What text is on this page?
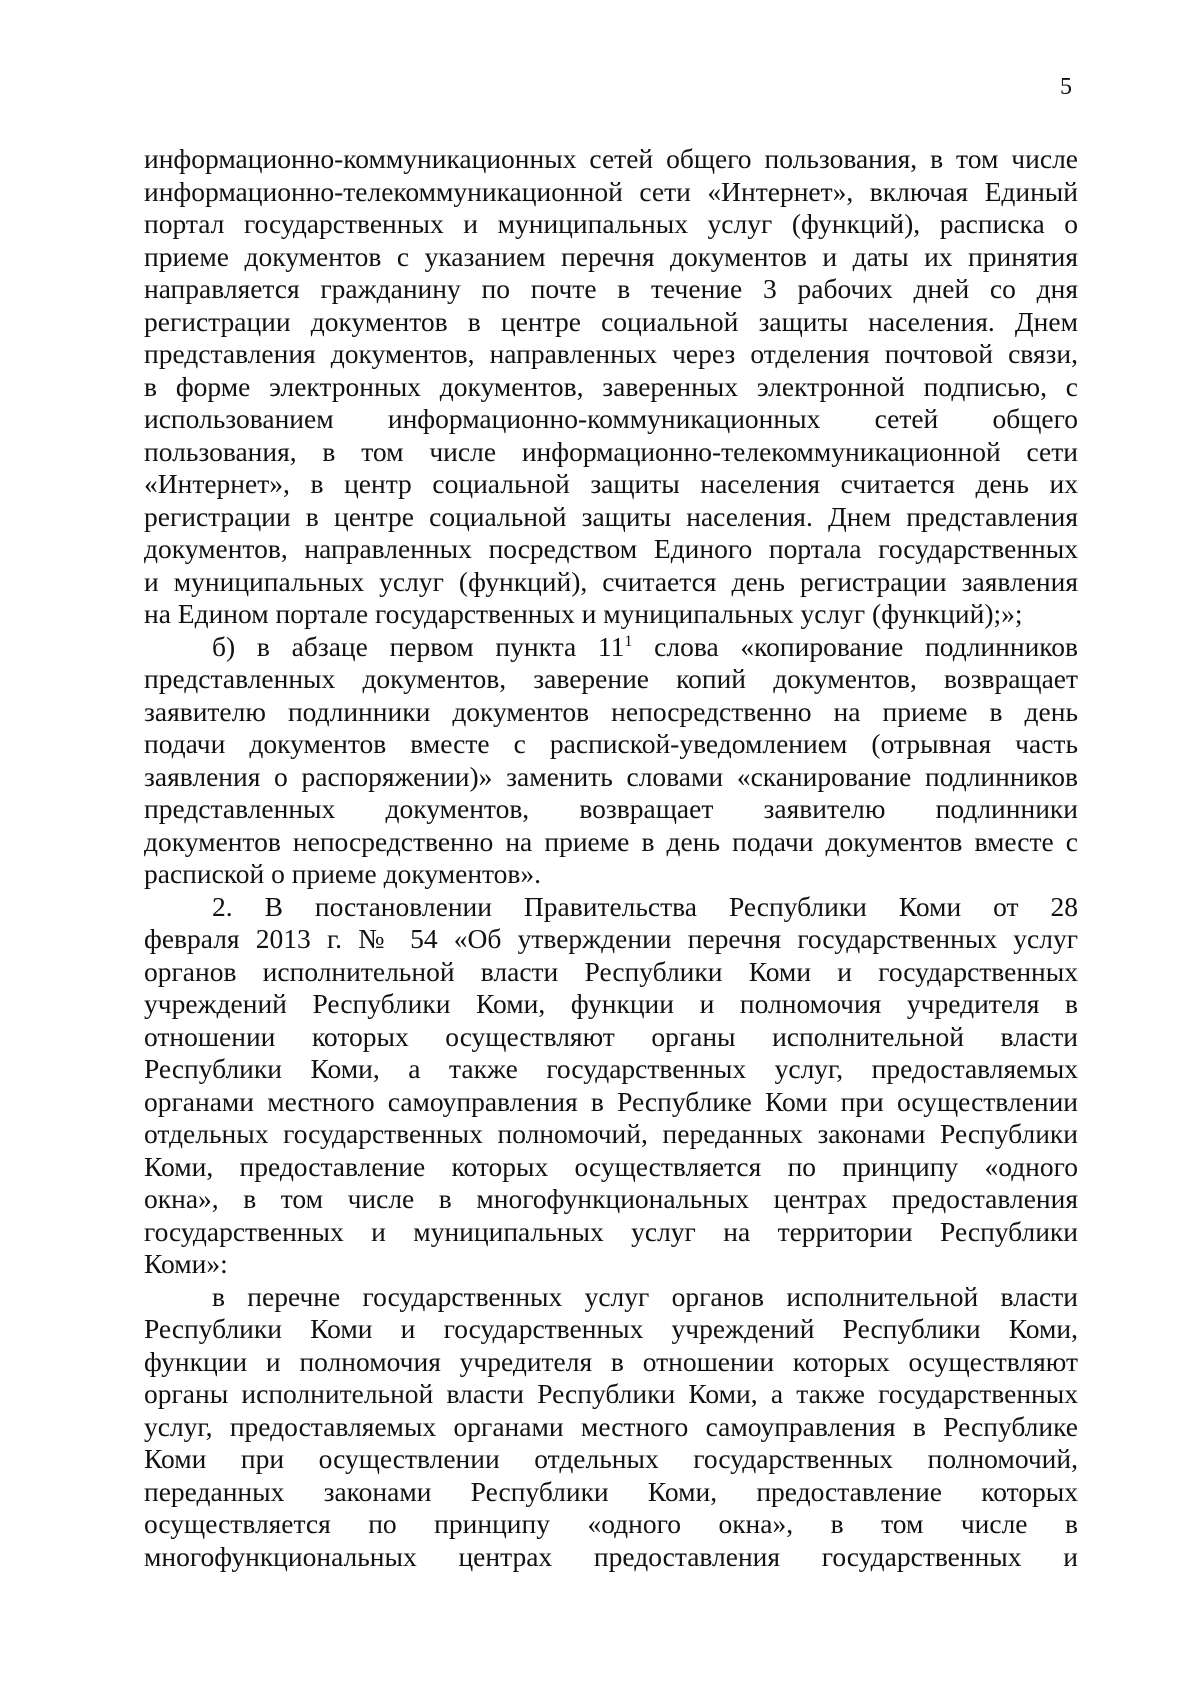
5
информационно-коммуникационных сетей общего пользования, в том числе
информационно-телекоммуникационной сети «Интернет», включая Единый
портал государственных и муниципальных услуг (функций), расписка о
приеме документов с указанием перечня документов и даты их принятия
направляется гражданину по почте в течение 3 рабочих дней со дня
регистрации документов в центре социальной защиты населения. Днем
представления документов, направленных через отделения почтовой связи,
в форме электронных документов, заверенных электронной подписью, с
использованием информационно-коммуникационных сетей общего
пользования, в том числе информационно-телекоммуникационной сети
«Интернет», в центр социальной защиты населения считается день их
регистрации в центре социальной защиты населения. Днем представления
документов, направленных посредством Единого портала государственных
и муниципальных услуг (функций), считается день регистрации заявления
на Едином портале государственных и муниципальных услуг (функций);»;
б) в абзаце первом пункта $11^1$ слова «копирование подлинников
представленных документов, заверение копий документов, возвращает
заявителю подлинники документов непосредственно на приеме в день
подачи документов вместе с распиской-уведомлением (отрывная часть
заявления о распоряжении)» заменить словами «сканирование подлинников
представленных документов, возвращает заявителю подлинники
документов непосредственно на приеме в день подачи документов вместе с
распиской о приеме документов».
2. В постановлении Правительства Республики Коми от 28
февраля 2013 г. № 54 «Об утверждении перечня государственных услуг
органов исполнительной власти Республики Коми и государственных
учреждений Республики Коми, функции и полномочия учредителя в
отношении которых осуществляют органы исполнительной власти
Республики Коми, а также государственных услуг, предоставляемых
органами местного самоуправления в Республике Коми при осуществлении
отдельных государственных полномочий, переданных законами Республики
Коми, предоставление которых осуществляется по принципу «одного
окна», в том числе в многофункциональных центрах предоставления
государственных и муниципальных услуг на территории Республики
Коми»:
в перечне государственных услуг органов исполнительной власти
Республики Коми и государственных учреждений Республики Коми,
функции и полномочия учредителя в отношении которых осуществляют
органы исполнительной власти Республики Коми, а также государственных
услуг, предоставляемых органами местного самоуправления в Республике
Коми при осуществлении отдельных государственных полномочий,
переданных законами Республики Коми, предоставление которых
осуществляется по принципу «одного окна», в том числе в
многофункциональных центрах предоставления государственных и
